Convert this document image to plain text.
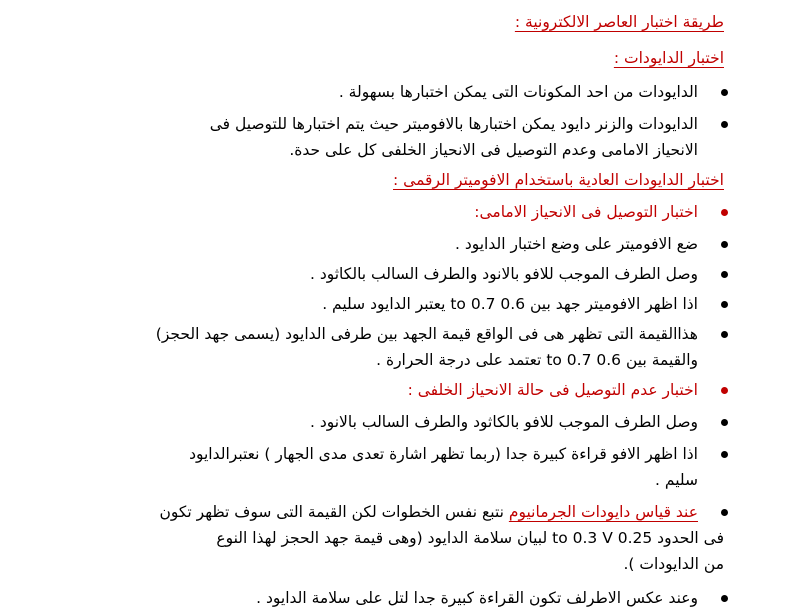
طريقة اختبار العاصر الالكترونية :
اختبار الدايودات :
الدايودات من احد المكونات التى يمكن اختبارها بسهولة .
الدايودات والزنر دايود يمكن اختبارها بالافوميتر حيث يتم اختبارها للتوصيل فى
الانحياز الامامى وعدم التوصيل فى الانحياز الخلفى كل على حدة.
اختبار الدايودات العادية باستخدام الافوميتر الرقمى :
اختبار التوصيل فى الانحياز الامامى:
ضع الافوميتر على وضع اختبار الدايود .
وصل الطرف الموجب للافو بالانود والطرف السالب بالكاثود .
اذا اظهر الافوميتر جهد بين 0.6 to 0.7 يعتبر الدايود سليم .
هذاالقيمة التى تظهر هى فى الواقع قيمة الجهد بين طرفى الدايود (يسمى جهد الحجز)
والقيمة بين 0.6 to 0.7 تعتمد على درجة الحرارة .
اختبار عدم التوصيل فى حالة الانحياز الخلفى :
وصل الطرف الموجب للافو بالكاثود والطرف السالب بالانود .
اذا اظهر الافو قراءة كبيرة جدا (ربما تظهر اشارة تعدى مدى الجهار ) نعتبرالدايود
سليم .
عند قياس دايودات الجرمانيوم نتبع نفس الخطوات لكن القيمة التى سوف تظهر تكون
فى الحدود 0.25 to 0.3 V لبيان سلامة الدايود (وهى قيمة جهد الحجز لهذا النوع
من الدايودات ).
وعند عكس الاطرلف تكون القراءة كبيرة جدا لتل على سلامة الدايود .
